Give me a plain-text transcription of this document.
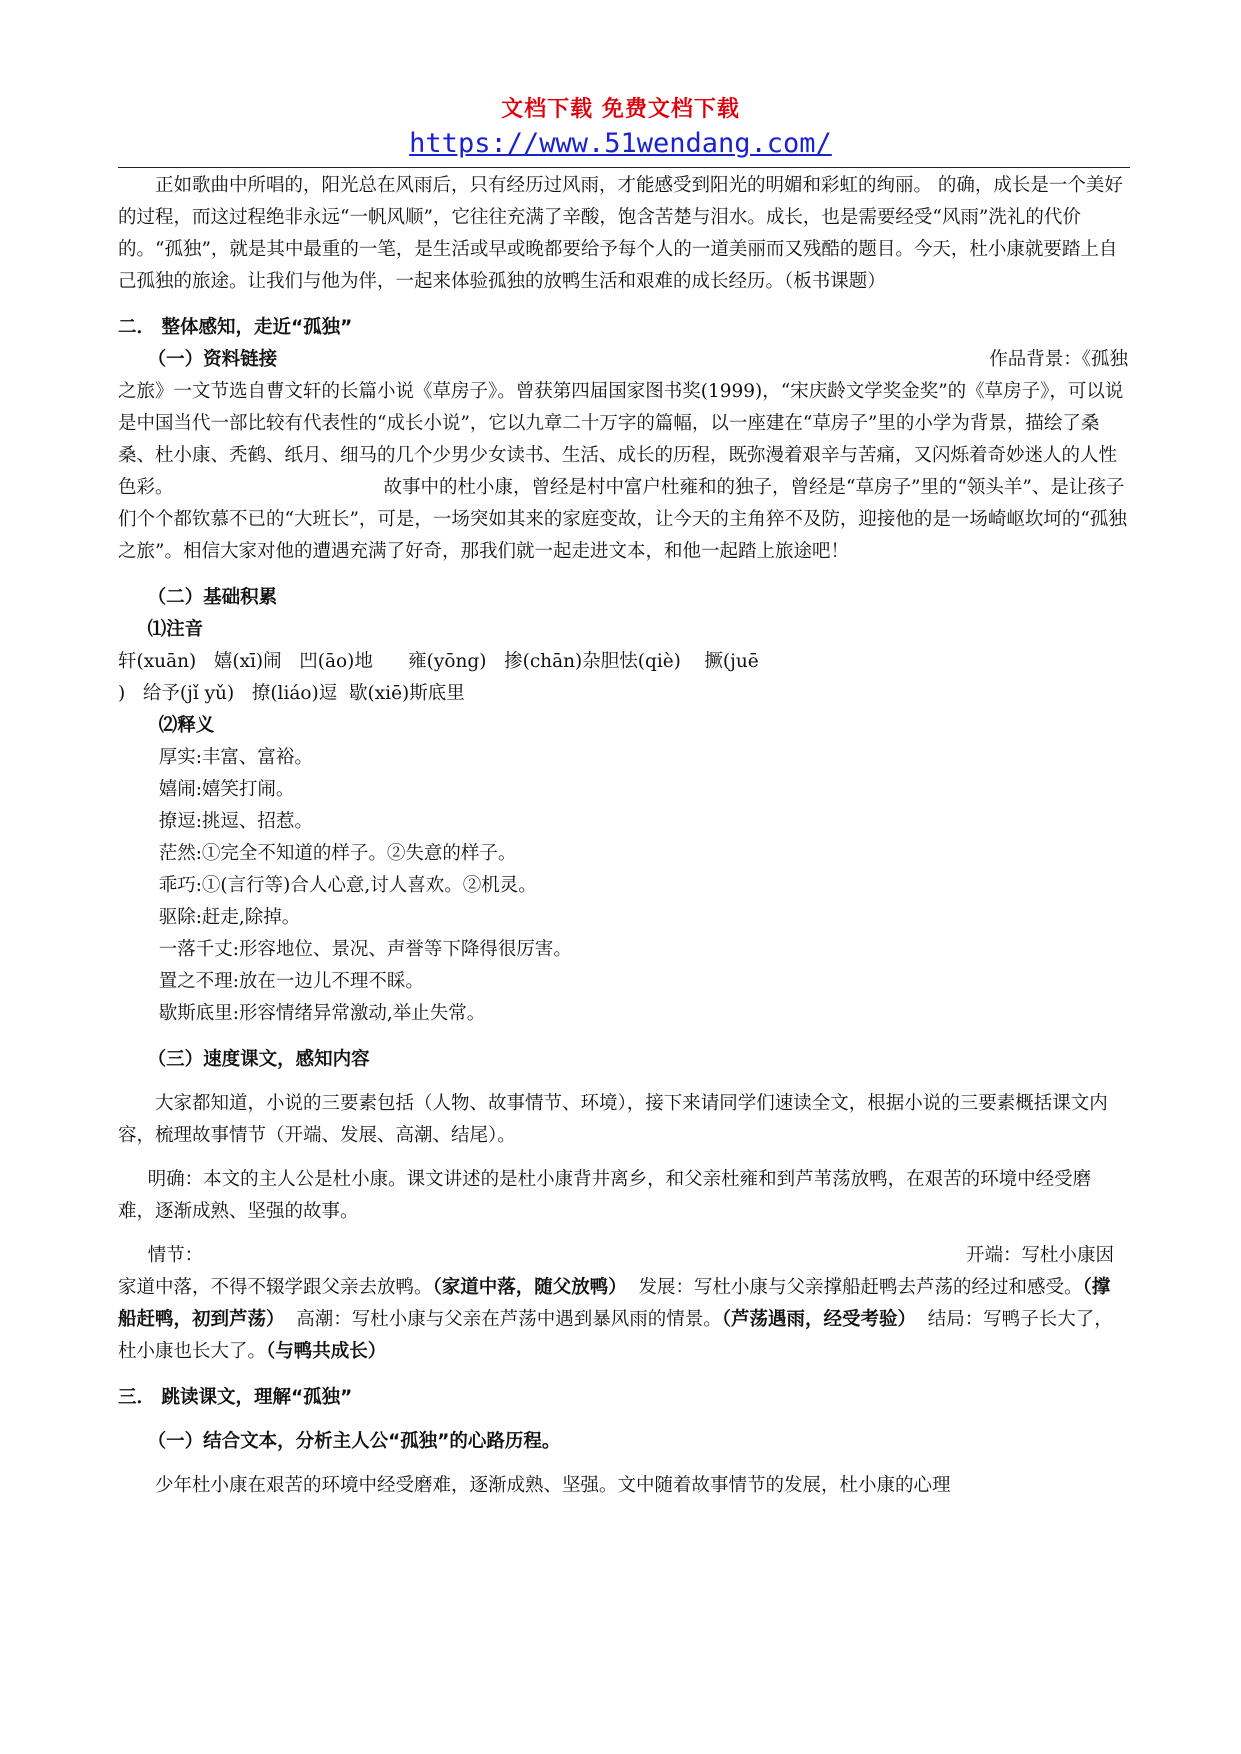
文档下载 免费文档下载
https://www.51wendang.com/

正如歌曲中所唱的，阳光总在风雨后，只有经历过风雨，才能感受到阳光的明媚和彩虹的绚丽。 的确，成长是一个美好的过程，而这过程绝非永远“一帆风顺”，它往往充满了辛酸，饱含苦楚与泪水。成长，也是需要经受“风雨”洗礼的代价的。“孤独”，就是其中最重的一笔，是生活或早或晚都要给予每个人的一道美丽而又残酷的题目。今天，杜小康就要踏上自己孤独的旅途。让我们与他为伴，一起来体验孤独的放鸭生活和艰难的成长经历。（板书课题）

二． 整体感知，走近“孤独”

（一）资料链接	作品背景：《孤独

之旅》一文节选自曹文轩的长篇小说《草房子》。曾获第四届国家图书奖(1999)，“宋庆龄文学奖金奖”的《草房子》，可以说是中国当代一部比较有代表性的“成长小说”，它以九章二十万字的篇幅，以一座建在“草房子”里的小学为背景，描绘了桑桑、杜小康、秃鹤、纸月、细马的几个少男少女读书、生活、成长的历程，既弥漫着艰辛与苦痛，又闪烁着奇妙迷人的人性色彩。	故事中的杜小康，曾经是村中富户杜雍和的独子，曾经是“草房子”里的“领头羊”、是让孩子们个个都钦慕不已的“大班长”，可是，一场突如其来的家庭变故，让今天的主角猝不及防，迎接他的是一场崎岖坎坷的“孤独之旅”。相信大家对他的遭遇充满了好奇，那我们就一起走进文本，和他一起踏上旅途吧！

（二）基础积累

⑴注音

轩(xuān)   嬉(xī)闹   凹(āo)地      雍(yōng)   掺(chān)杂胆怯(qiè)    撅(juē

)   给予(jǐ yǔ)   撩(liáo)逗  歇(xiē)斯底里

⑵释义

厚实:丰富、富裕。

嬉闹:嬉笑打闹。

撩逗:挑逗、招惹。

茫然:①完全不知道的样子。②失意的样子。

乖巧:①(言行等)合人心意,讨人喜欢。②机灵。

驱除:赶走,除掉。

一落千丈:形容地位、景况、声誉等下降得很厉害。

置之不理:放在一边儿不理不睬。

歇斯底里:形容情绪异常激动,举止失常。

（三）速度课文，感知内容

大家都知道，小说的三要素包括（人物、故事情节、环境），接下来请同学们速读全文，根据小说的三要素概括课文内容，梳理故事情节（开端、发展、高潮、结尾）。

明确：本文的主人公是杜小康。课文讲述的是杜小康背井离乡，和父亲杜雍和到芦苇荡放鸭，在艰苦的环境中经受磨难，逐渐成熟、坚强的故事。

情节：	开端：写杜小康因

家道中落，不得不辍学跟父亲去放鸭。（家道中落，随父放鸭）  发展：写杜小康与父亲撑船赶鸭去芦荡的经过和感受。（撑船赶鸭，初到芦荡）  高潮：写杜小康与父亲在芦荡中遇到暴风雨的情景。（芦荡遇雨，经受考验）  结局：写鸭子长大了，杜小康也长大了。（与鸭共成长）

三． 跳读课文，理解“孤独”

（一）结合文本，分析主人公“孤独”的心路历程。

少年杜小康在艰苦的环境中经受磨难，逐渐成熟、坚强。文中随着故事情节的发展，杜小康的心理
